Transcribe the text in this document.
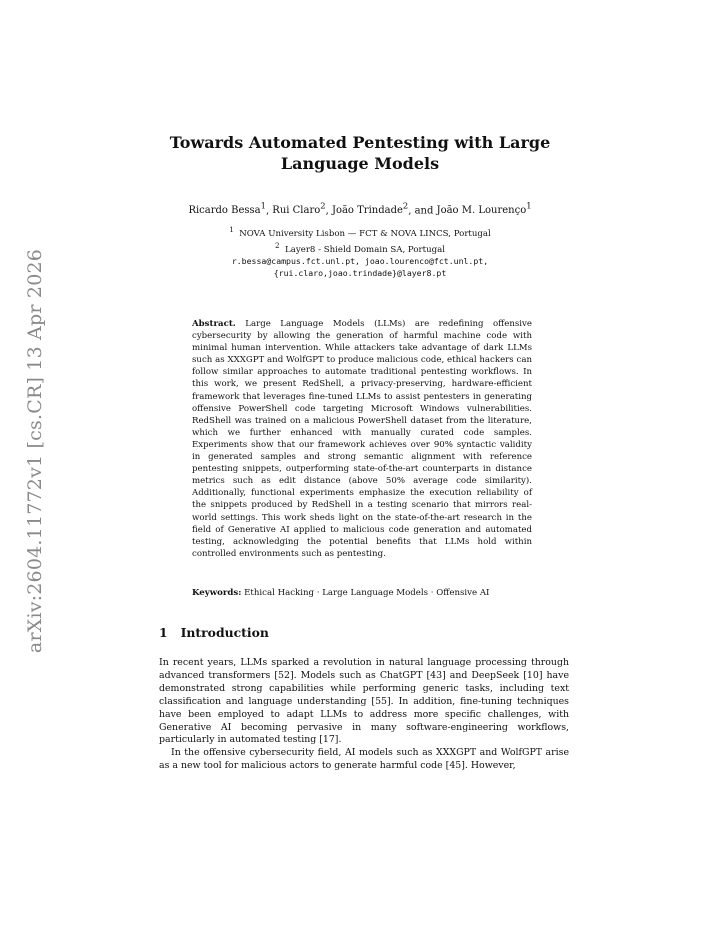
arXiv:2604.11772v1 [cs.CR] 13 Apr 2026
Towards Automated Pentesting with Large Language Models
Ricardo Bessa$^1$, Rui Claro$^2$, João Trindade$^2$, and João M. Lourenço$^1$
$^1$ NOVA University Lisbon — FCT & NOVA LINCS, Portugal
$^2$ Layer8 - Shield Domain SA, Portugal
r.bessa@campus.fct.unl.pt, joao.lourenco@fct.unl.pt,
{rui.claro,joao.trindade}@layer8.pt
Abstract. Large Language Models (LLMs) are redefining offensive cybersecurity by allowing the generation of harmful machine code with minimal human intervention. While attackers take advantage of dark LLMs such as XXXGPT and WolfGPT to produce malicious code, ethical hackers can follow similar approaches to automate traditional pentesting workflows. In this work, we present RedShell, a privacy-preserving, hardware-efficient framework that leverages fine-tuned LLMs to assist pentesters in generating offensive PowerShell code targeting Microsoft Windows vulnerabilities. RedShell was trained on a malicious PowerShell dataset from the literature, which we further enhanced with manually curated code samples. Experiments show that our framework achieves over 90% syntactic validity in generated samples and strong semantic alignment with reference pentesting snippets, outperforming state-of-the-art counterparts in distance metrics such as edit distance (above 50% average code similarity). Additionally, functional experiments emphasize the execution reliability of the snippets produced by RedShell in a testing scenario that mirrors real-world settings. This work sheds light on the state-of-the-art research in the field of Generative AI applied to malicious code generation and automated testing, acknowledging the potential benefits that LLMs hold within controlled environments such as pentesting.
Keywords: Ethical Hacking · Large Language Models · Offensive AI
1 Introduction

In recent years, LLMs sparked a revolution in natural language processing through advanced transformers [52]. Models such as ChatGPT [43] and DeepSeek [10] have demonstrated strong capabilities while performing generic tasks, including text classification and language understanding [55]. In addition, fine-tuning techniques have been employed to adapt LLMs to address more specific challenges, with Generative AI becoming pervasive in many software-engineering workflows, particularly in automated testing [17].

In the offensive cybersecurity field, AI models such as XXXGPT and WolfGPT arise as a new tool for malicious actors to generate harmful code [45]. However,
